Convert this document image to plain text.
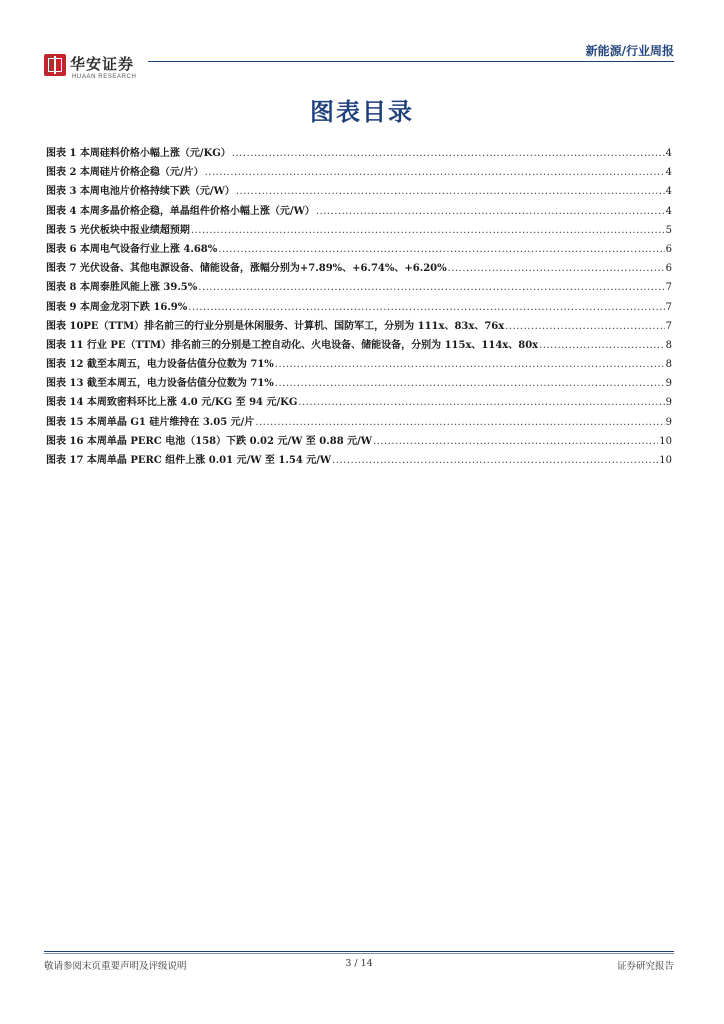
华安证券
HUAAN RESEARCH
新能源/行业周报
图表目录
图表 1 本周硅料价格小幅上涨（元/KG） .....	4
图表 2 本周硅片价格企稳（元/片） .....	4
图表 3 本周电池片价格持续下跌（元/W） .....	4
图表 4 本周多晶价格企稳，单晶组件价格小幅上涨（元/W） .....	4
图表 5 光伏板块中报业绩超预期 .....	5
图表 6 本周电气设备行业上涨 4.68% .....	6
图表 7 光伏设备、其他电源设备、储能设备，涨幅分别为+7.89%、+6.74%、+6.20% .....	6
图表 8 本周泰胜风能上涨 39.5% .....	7
图表 9 本周金龙羽下跌 16.9% .....	7
图表 10PE（TTM）排名前三的行业分别是休闲服务、计算机、国防军工，分别为 111x、83x、76x .....	7
图表 11 行业 PE（TTM）排名前三的分别是工控自动化、火电设备、储能设备，分别为 115x、114x、80x .....	8
图表 12 截至本周五，电力设备估值分位数为 71% .....	8
图表 13 截至本周五，电力设备估值分位数为 71% .....	9
图表 14 本周致密料环比上涨 4.0 元/KG 至 94 元/KG .....	9
图表 15 本周单晶 G1 硅片维持在 3.05 元/片 .....	9
图表 16 本周单晶 PERC 电池（158）下跌 0.02 元/W 至 0.88 元/W .....	10
图表 17 本周单晶 PERC 组件上涨 0.01 元/W 至 1.54 元/W .....	10
敬请参阅末页重要声明及评级说明	3 / 14	证券研究报告
